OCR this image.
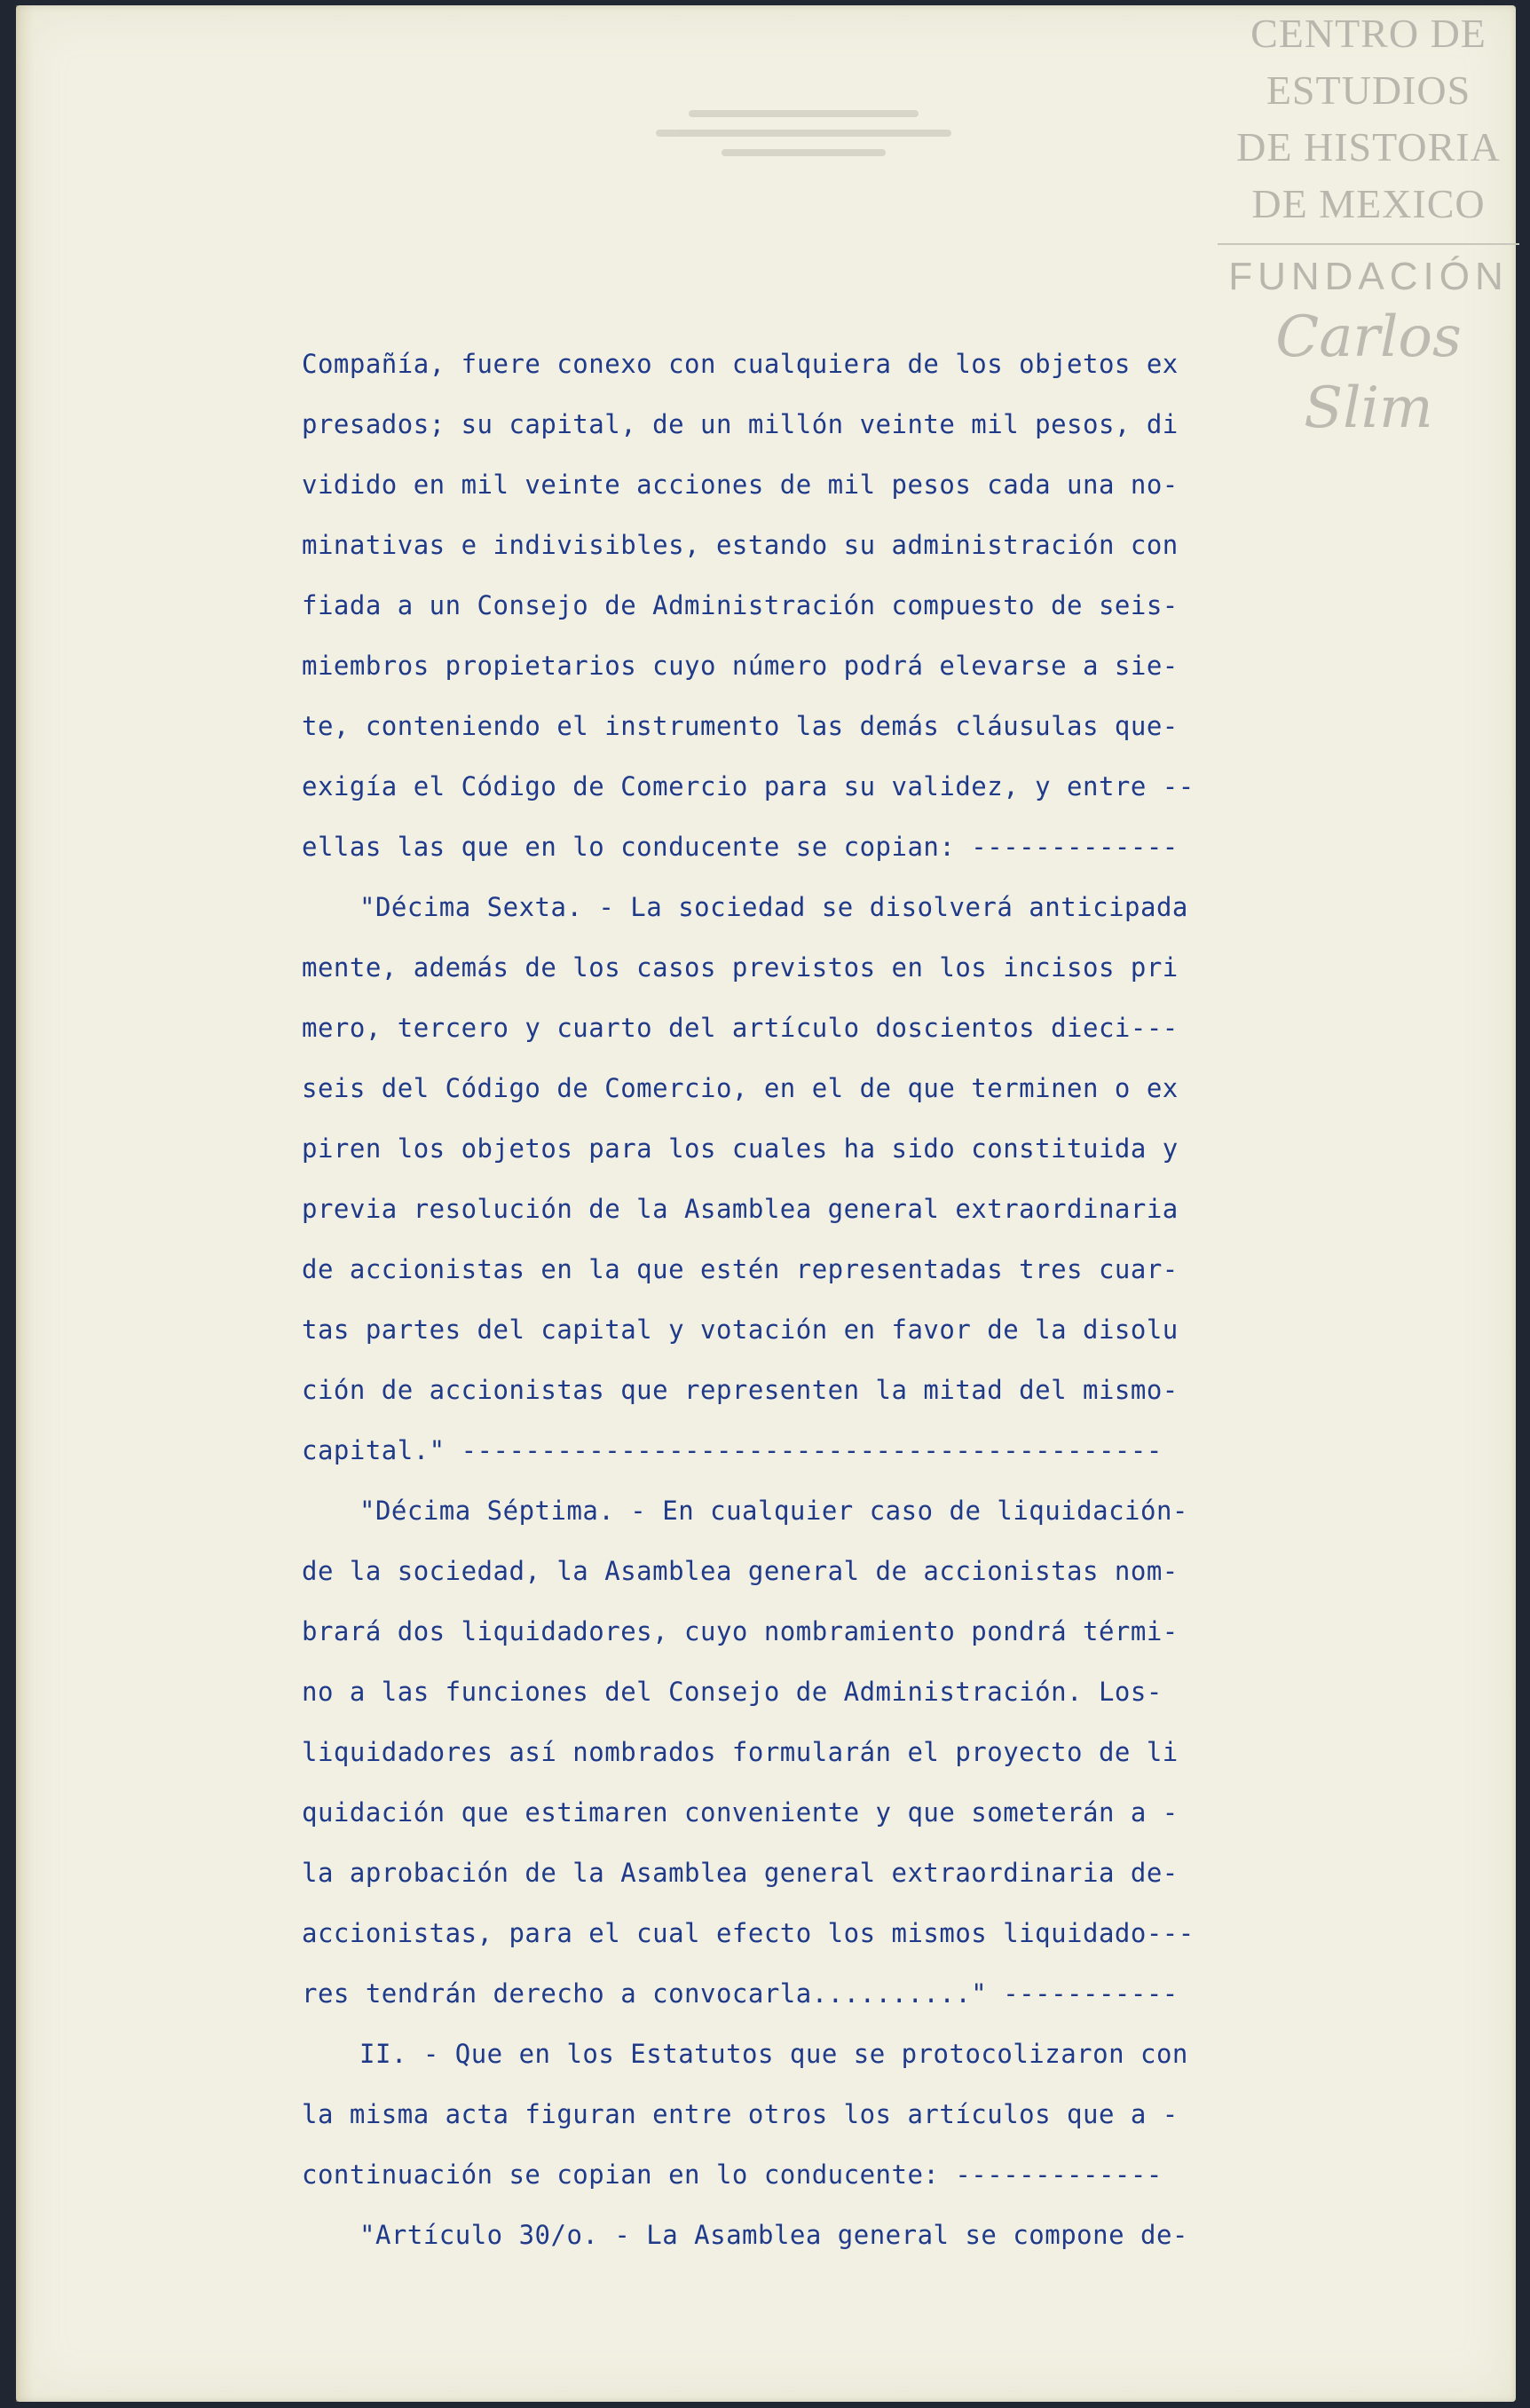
CENTRO DE
ESTUDIOS
DE HISTORIA
DE MEXICO
FUNDACIÓN
Carlos Slim
Compañía, fuere conexo con cualquiera de los objetos ex
presados; su capital, de un millón veinte mil pesos, di
vidido en mil veinte acciones de mil pesos cada una no-
minativas e indivisibles, estando su administración con
fiada a un Consejo de Administración compuesto de seis-
miembros propietarios cuyo número podrá elevarse a sie-
te, conteniendo el instrumento las demás cláusulas que-
exigía el Código de Comercio para su validez, y entre --
ellas las que en lo conducente se copian: -------------
"Décima Sexta. - La sociedad se disolverá anticipada
mente, además de los casos previstos en los incisos pri
mero, tercero y cuarto del artículo doscientos dieci---
seis del Código de Comercio, en el de que terminen o ex
piren los objetos para los cuales ha sido constituida y
previa resolución de la Asamblea general extraordinaria
de accionistas en la que estén representadas tres cuar-
tas partes del capital y votación en favor de la disolu
ción de accionistas que representen la mitad del mismo-
capital." --------------------------------------------
"Décima Séptima. - En cualquier caso de liquidación-
de la sociedad, la Asamblea general de accionistas nom-
brará dos liquidadores, cuyo nombramiento pondrá térmi-
no a las funciones del Consejo de Administración. Los-
liquidadores así nombrados formularán el proyecto de li
quidación que estimaren conveniente y que someterán a -
la aprobación de la Asamblea general extraordinaria de-
accionistas, para el cual efecto los mismos liquidado---
res tendrán derecho a convocarla.........." -----------
II. - Que en los Estatutos que se protocolizaron con
la misma acta figuran entre otros los artículos que a -
continuación se copian en lo conducente: -------------
"Artículo 30/o. - La Asamblea general se compone de-
